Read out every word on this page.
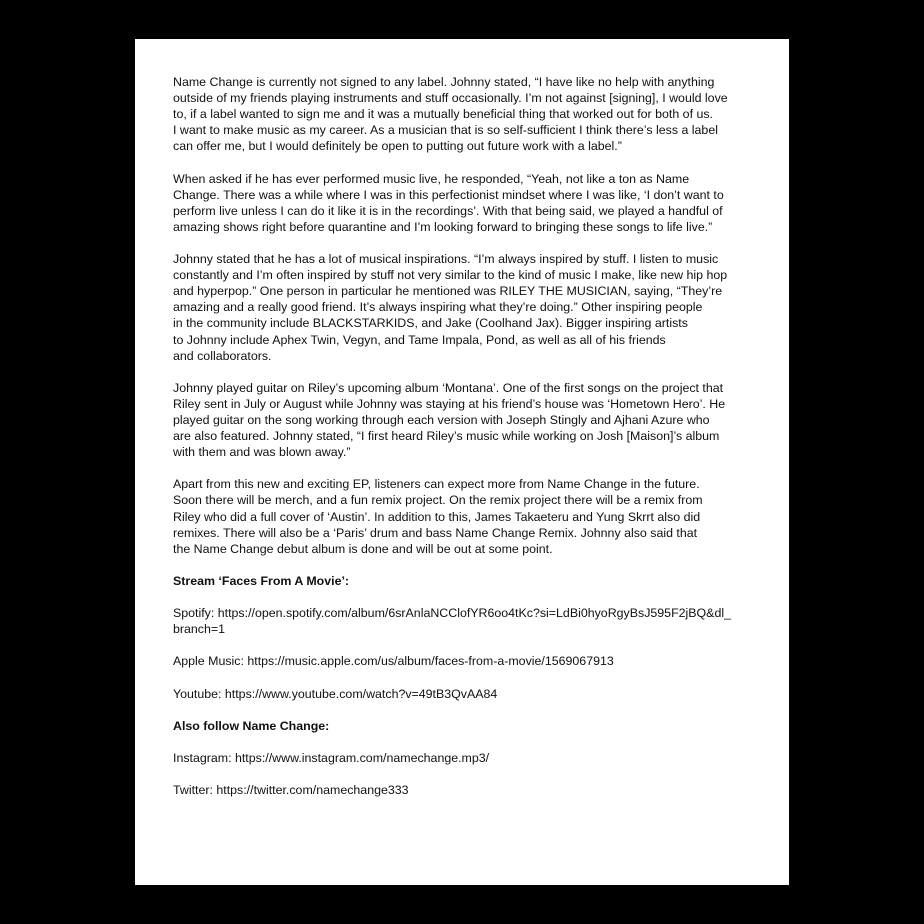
Name Change is currently not signed to any label. Johnny stated, “I have like no help with anything
outside of my friends playing instruments and stuff occasionally. I’m not against [signing], I would love
to, if a label wanted to sign me and it was a mutually beneficial thing that worked out for both of us.
I want to make music as my career. As a musician that is so self-sufficient I think there’s less a label
can offer me, but I would definitely be open to putting out future work with a label.”

When asked if he has ever performed music live, he responded, “Yeah, not like a ton as Name
Change. There was a while where I was in this perfectionist mindset where I was like, ‘I don’t want to
perform live unless I can do it like it is in the recordings’. With that being said, we played a handful of
amazing shows right before quarantine and I’m looking forward to bringing these songs to life live.”

Johnny stated that he has a lot of musical inspirations. “I’m always inspired by stuff. I listen to music
constantly and I’m often inspired by stuff not very similar to the kind of music I make, like new hip hop
and hyperpop.” One person in particular he mentioned was RILEY THE MUSICIAN, saying, “They’re
amazing and a really good friend. It’s always inspiring what they’re doing.” Other inspiring people
in the community include BLACKSTARKIDS, and Jake (Coolhand Jax). Bigger inspiring artists
to Johnny include Aphex Twin, Vegyn, and Tame Impala, Pond, as well as all of his friends
and collaborators.

Johnny played guitar on Riley’s upcoming album ‘Montana’. One of the first songs on the project that
Riley sent in July or August while Johnny was staying at his friend’s house was ‘Hometown Hero’. He
played guitar on the song working through each version with Joseph Stingly and Ajhani Azure who
are also featured. Johnny stated, “I first heard Riley’s music while working on Josh [Maison]’s album
with them and was blown away.”

Apart from this new and exciting EP, listeners can expect more from Name Change in the future.
Soon there will be merch, and a fun remix project. On the remix project there will be a remix from
Riley who did a full cover of ‘Austin’. In addition to this, James Takaeteru and Yung Skrrt also did
remixes. There will also be a ‘Paris’ drum and bass Name Change Remix. Johnny also said that
the Name Change debut album is done and will be out at some point.

Stream ‘Faces From A Movie’:

Spotify: https://open.spotify.com/album/6srAnlaNCClofYR6oo4tKc?si=LdBi0hyoRgyBsJ595F2jBQ&dl_
branch=1

Apple Music: https://music.apple.com/us/album/faces-from-a-movie/1569067913

Youtube: https://www.youtube.com/watch?v=49tB3QvAA84

Also follow Name Change:

Instagram: https://www.instagram.com/namechange.mp3/

Twitter: https://twitter.com/namechange333
